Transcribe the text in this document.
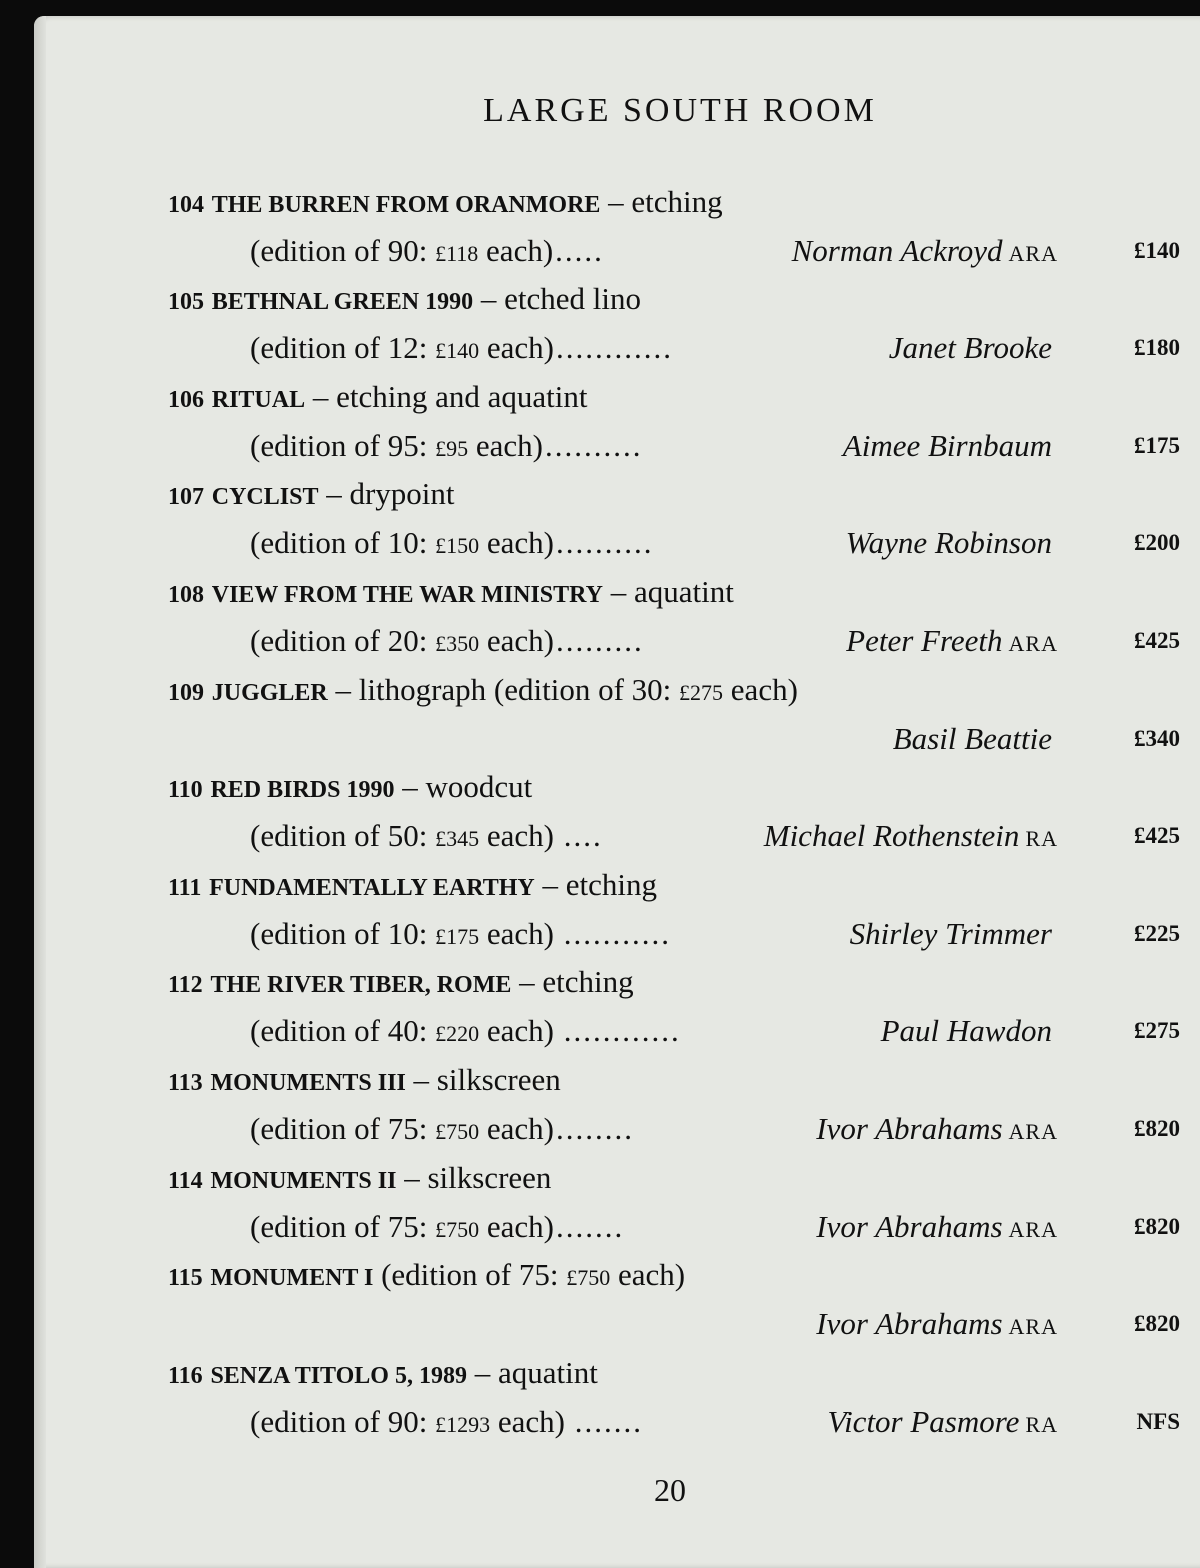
LARGE SOUTH ROOM
104 THE BURREN FROM ORANMORE – etching
(edition of 90: £118 each).....	Norman Ackroyd ARA	£140
105 BETHNAL GREEN 1990 – etched lino
(edition of 12: £140 each)............	Janet Brooke	£180
106 RITUAL – etching and aquatint
(edition of 95: £95 each)..........	Aimee Birnbaum	£175
107 CYCLIST – drypoint
(edition of 10: £150 each)..........	Wayne Robinson	£200
108 VIEW FROM THE WAR MINISTRY – aquatint
(edition of 20: £350 each).........	Peter Freeth ARA	£425
109 JUGGLER – lithograph (edition of 30: £275 each)
Basil Beattie	£340
110 RED BIRDS 1990 – woodcut
(edition of 50: £345 each) ....	Michael Rothenstein RA	£425
111 FUNDAMENTALLY EARTHY – etching
(edition of 10: £175 each) ...........	Shirley Trimmer	£225
112 THE RIVER TIBER, ROME – etching
(edition of 40: £220 each) ............	Paul Hawdon	£275
113 MONUMENTS III – silkscreen
(edition of 75: £750 each)........	Ivor Abrahams ARA	£820
114 MONUMENTS II – silkscreen
(edition of 75: £750 each).......	Ivor Abrahams ARA	£820
115 MONUMENT I (edition of 75: £750 each)
Ivor Abrahams ARA	£820
116 SENZA TITOLO 5, 1989 – aquatint
(edition of 90: £1293 each) .......	Victor Pasmore RA	NFS
20
